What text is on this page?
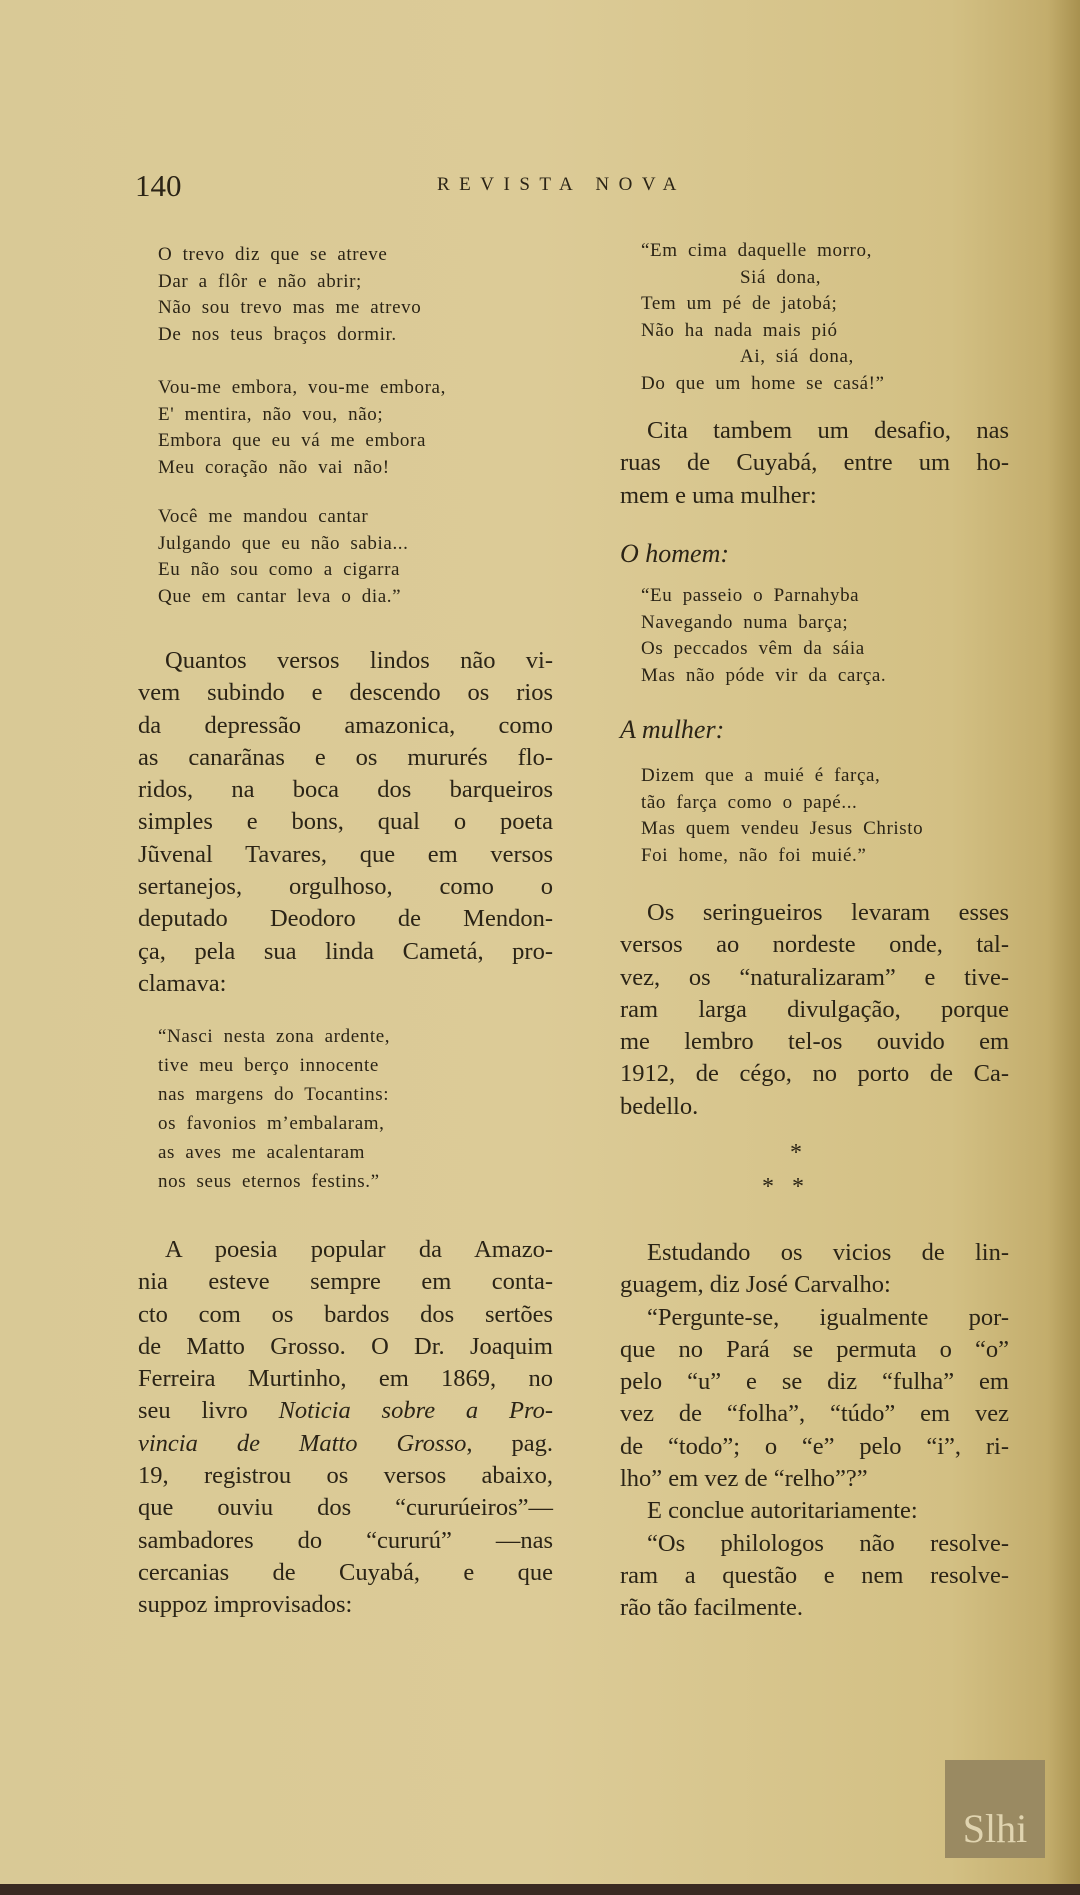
140	REVISTA NOVA
O trevo diz que se atreve
Dar a flôr e não abrir;
Não sou trevo mas me atrevo
De nos teus braços dormir.
Vou-me embora, vou-me embora,
E' mentira, não vou, não;
Embora que eu vá me embora
Meu coração não vai não!
Você me mandou cantar
Julgando que eu não sabia...
Eu não sou como a cigarra
Que em cantar leva o dia.”
Quantos versos lindos não vi-
vem subindo e descendo os rios
da depressão amazonica, como
as canarãnas e os mururés flo-
ridos, na boca dos barqueiros
simples e bons, qual o poeta
Jũvenal Tavares, que em versos
sertanejos, orgulhoso, como o
deputado Deodoro de Mendon-
ça, pela sua linda Cametá, pro-
clamava:
“Nasci nesta zona ardente,
tive meu berço innocente
nas margens do Tocantins:
os favonios m’embalaram,
as aves me acalentaram
nos seus eternos festins.”
A poesia popular da Amazo-
nia esteve sempre em conta-
cto com os bardos dos sertões
de Matto Grosso. O Dr. Joaquim
Ferreira Murtinho, em 1869, no
seu livro Noticia sobre a Pro-
vincia de Matto Grosso, pag.
19, registrou os versos abaixo,
que ouviu dos “cururúeiros”—
sambadores do “cururú” —nas
cercanias de Cuyabá, e que
suppoz improvisados:
“Em cima daquelle morro,
Siá dona,
Tem um pé de jatobá;
Não ha nada mais pió
Ai, siá dona,
Do que um home se casá!”
Cita tambem um desafio, nas
ruas de Cuyabá, entre um ho-
mem e uma mulher:
“Eu passeio o Parnahyba
Navegando numa barça;
Os peccados vêm da sáia
Mas não póde vir da carça.
Dizem que a muié é farça,
tão farça como o papé...
Mas quem vendeu Jesus Christo
Foi home, não foi muié.”
Os seringueiros levaram esses
versos ao nordeste onde, tal-
vez, os “naturalizaram” e tive-
ram larga divulgação, porque
me lembro tel-os ouvido em
1912, de cégo, no porto de Ca-
bedello.
Estudando os vicios de lin-
guagem, diz José Carvalho:
“Pergunte-se, igualmente por-
que no Pará se permuta o “o”
pelo “u” e se diz “fulha” em
vez de “folha”, “túdo” em vez
de “todo”; o “e” pelo “i”, ri-
lho” em vez de “relho”?”
E conclue autoritariamente:
“Os philologos não resolve-
ram a questão e nem resolve-
rão tão facilmente.
O homem:
A mulher:
*
*   *
Slhi
